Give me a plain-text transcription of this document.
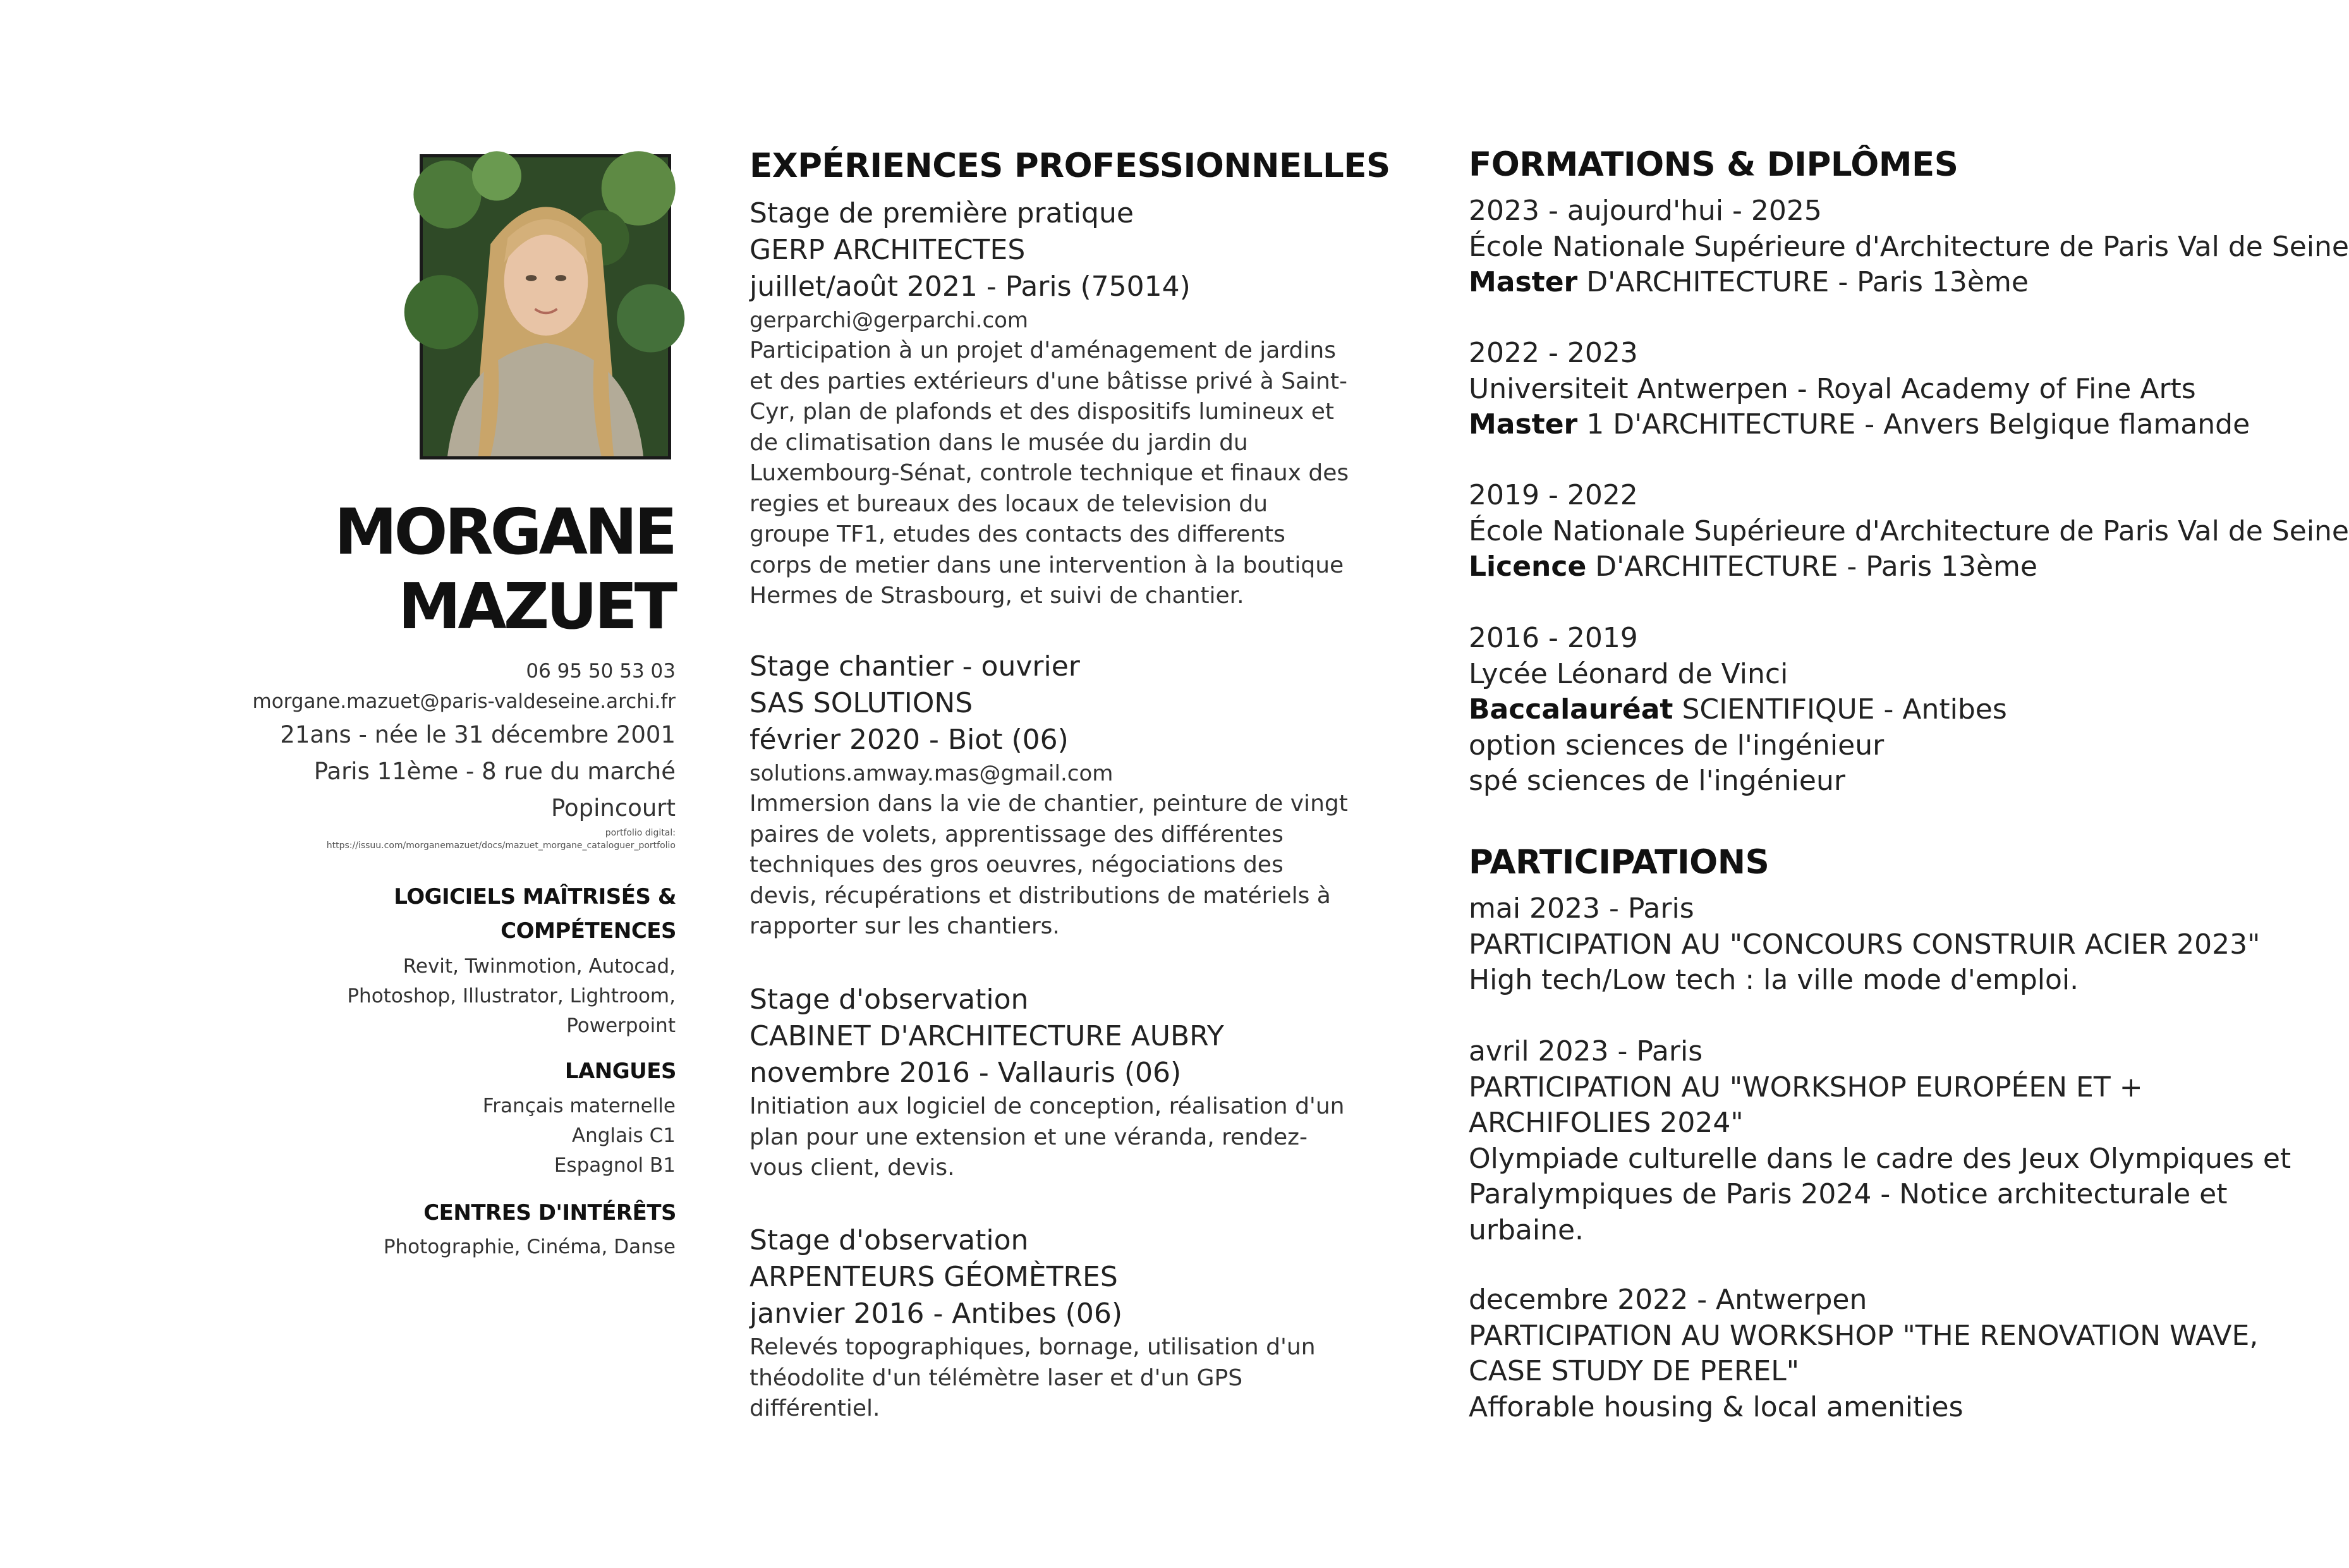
MORGANE
MAZUET
06 95 50 53 03
morgane.mazuet@paris-valdeseine.archi.fr
21ans - née le 31 décembre 2001
Paris 11ème - 8 rue du marché
Popincourt
portfolio digital:
https://issuu.com/morganemazuet/docs/mazuet_morgane_cataloguer_portfolio
LOGICIELS MAÎTRISÉS &
COMPÉTENCES
Revit, Twinmotion, Autocad,
Photoshop, Illustrator, Lightroom,
Powerpoint
LANGUES
Français maternelle
Anglais C1
Espagnol B1
CENTRES D'INTÉRÊTS
Photographie, Cinéma, Danse
EXPÉRIENCES PROFESSIONNELLES
Stage de première pratique
GERP ARCHITECTES
juillet/août 2021 - Paris (75014)
gerparchi@gerparchi.com
Participation à un projet d'aménagement de jardins
et des parties extérieurs d'une bâtisse privé à Saint-
Cyr, plan de plafonds et des dispositifs lumineux et
de climatisation dans le musée du jardin du
Luxembourg-Sénat, controle technique et finaux des
regies et bureaux des locaux de television du
groupe TF1, etudes des contacts des differents
corps de metier dans une intervention à la boutique
Hermes de Strasbourg, et suivi de chantier.
Stage chantier - ouvrier
SAS SOLUTIONS
février 2020 - Biot (06)
solutions.amway.mas@gmail.com
Immersion dans la vie de chantier, peinture de vingt
paires de volets, apprentissage des différentes
techniques des gros oeuvres, négociations des
devis, récupérations et distributions de matériels à
rapporter sur les chantiers.
Stage d'observation
CABINET D'ARCHITECTURE AUBRY
novembre 2016 - Vallauris (06)
Initiation aux logiciel de conception, réalisation d'un
plan pour une extension et une véranda, rendez-
vous client, devis.
Stage d'observation
ARPENTEURS GÉOMÈTRES
janvier 2016 - Antibes (06)
Relevés topographiques, bornage, utilisation d'un
théodolite d'un télémètre laser et d'un GPS
différentiel.
FORMATIONS & DIPLÔMES
2023 - aujourd'hui - 2025
École Nationale Supérieure d'Architecture de Paris Val de Seine
Master D'ARCHITECTURE - Paris 13ème
2022 - 2023
Universiteit Antwerpen - Royal Academy of Fine Arts
Master 1 D'ARCHITECTURE - Anvers Belgique flamande
2019 - 2022
École Nationale Supérieure d'Architecture de Paris Val de Seine
Licence D'ARCHITECTURE - Paris 13ème
2016 - 2019
Lycée Léonard de Vinci
Baccalauréat SCIENTIFIQUE - Antibes
option sciences de l'ingénieur
spé sciences de l'ingénieur
PARTICIPATIONS
mai 2023 - Paris
PARTICIPATION AU "CONCOURS CONSTRUIR ACIER 2023"
High tech/Low tech : la ville mode d'emploi.
avril 2023 - Paris
PARTICIPATION AU "WORKSHOP EUROPÉEN ET +
ARCHIFOLIES 2024"
Olympiade culturelle dans le cadre des Jeux Olympiques et
Paralympiques de Paris 2024 - Notice architecturale et
urbaine.
decembre 2022 - Antwerpen
PARTICIPATION AU WORKSHOP "THE RENOVATION WAVE,
CASE STUDY DE PEREL"
Afforable housing & local amenities
